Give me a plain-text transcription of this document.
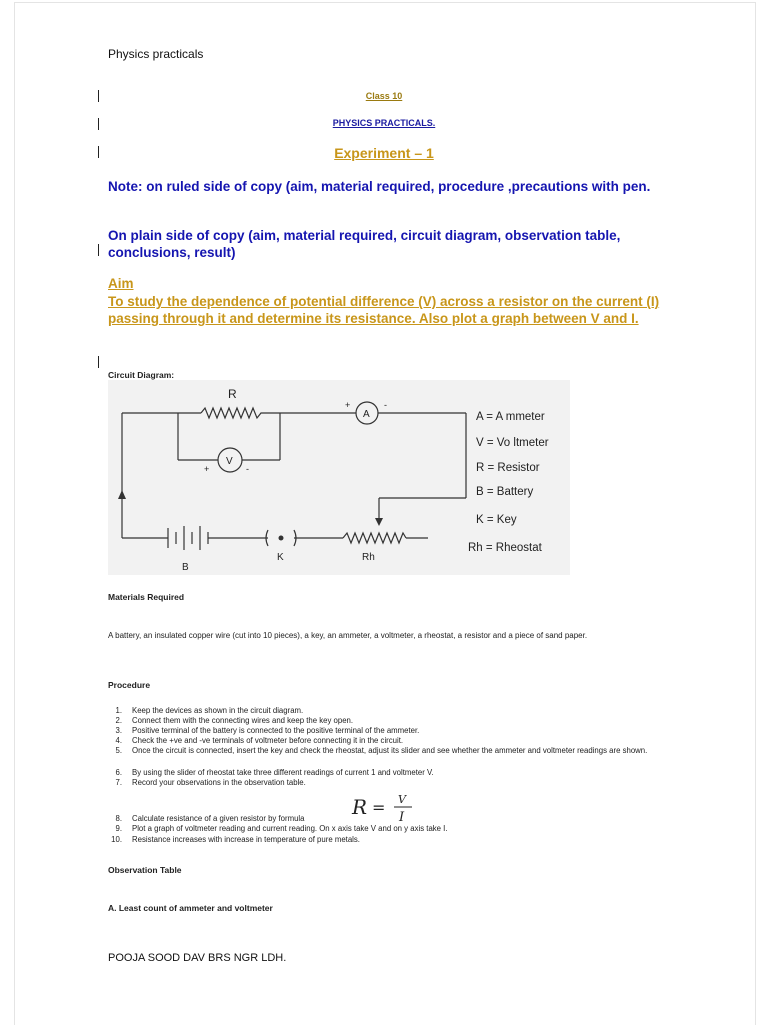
Physics practicals
Class 10
PHYSICS PRACTICALS.
Experiment – 1
Note: on ruled side of copy (aim, material required, procedure ,precautions with pen.
On plain side of copy (aim, material required, circuit diagram, observation table, conclusions, result)
Aim
To study the dependence of potential difference (V) across a resistor on the current (I) passing through it and determine its resistance. Also plot a graph between V and I.
Circuit Diagram:
R
A
V
+	-
+	-
B
K	Rh
A = A mmeter
V = Vo ltmeter
R = Resistor
B = Battery
K = Key
Rh = Rheostat
Materials Required
A battery, an insulated copper wire (cut into 10 pieces), a key, an ammeter, a voltmeter, a rheostat, a resistor and a piece of sand paper.
Procedure
1. Keep the devices as shown in the circuit diagram.
2. Connect them with the connecting wires and keep the key open.
3. Positive terminal of the battery is connected to the positive terminal of the ammeter.
4. Check the +ve and -ve terminals of voltmeter before connecting it in the circuit.
5. Once the circuit is connected, insert the key and check the rheostat, adjust its slider and see whether the ammeter and voltmeter readings are shown.
6. By using the slider of rheostat take three different readings of current 1 and voltmeter V.
7. Record your observations in the observation table.
8. Calculate resistance of a given resistor by formula
9. Plot a graph of voltmeter reading and current reading. On x axis take V and on y axis take I.
10. Resistance increases with increase in temperature of pure metals.
R = V
I
Observation Table
A. Least count of ammeter and voltmeter
POOJA SOOD DAV BRS NGR LDH.
